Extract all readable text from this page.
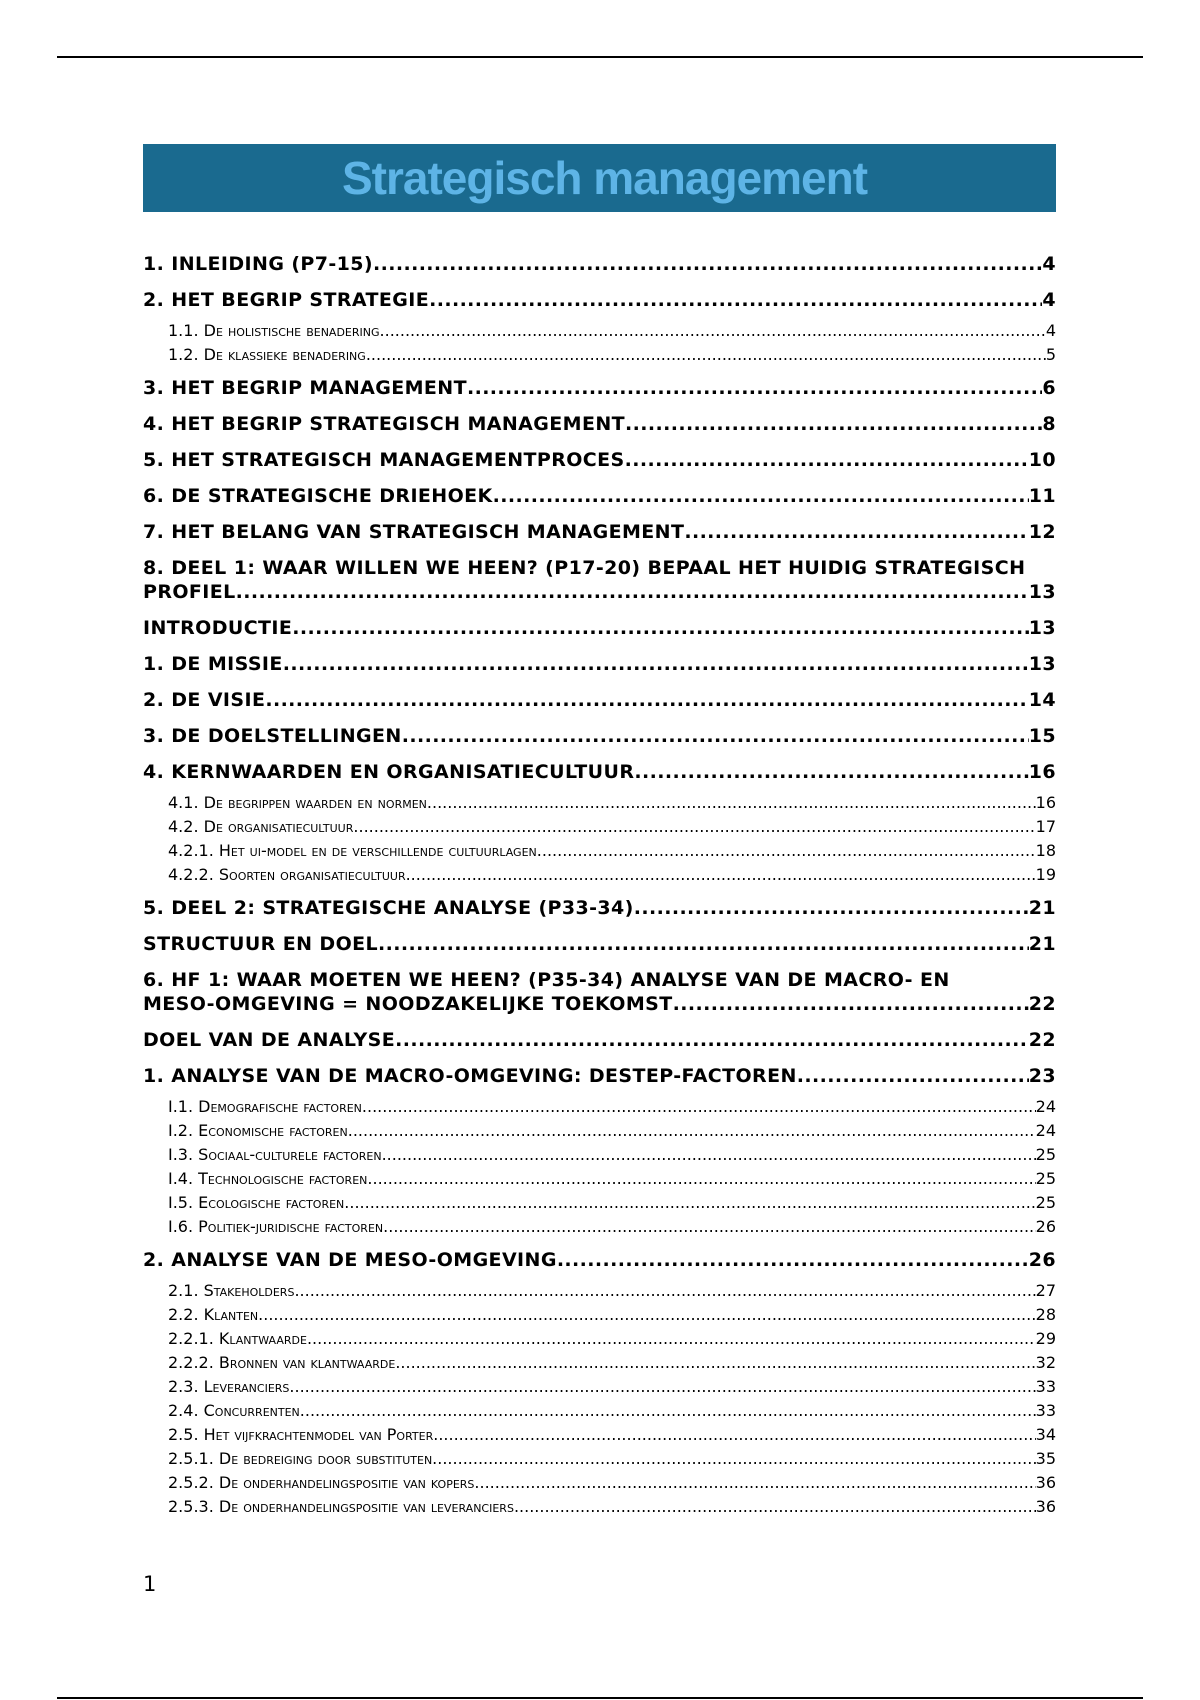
Strategisch management
1. INLEIDING (P7-15) .....	4
2. HET BEGRIP STRATEGIE .....	4
1.1. De holistische benadering .....	4
1.2. De klassieke benadering .....	5
3. HET BEGRIP MANAGEMENT .....	6
4. HET BEGRIP STRATEGISCH MANAGEMENT .....	8
5. HET STRATEGISCH MANAGEMENTPROCES .....	10
6. DE STRATEGISCHE DRIEHOEK .....	11
7. HET BELANG VAN STRATEGISCH MANAGEMENT .....	12
8. DEEL 1: WAAR WILLEN WE HEEN? (P17-20) BEPAAL HET HUIDIG STRATEGISCH
PROFIEL .....	13
INTRODUCTIE .....	13
1. DE MISSIE .....	13
2. DE VISIE .....	14
3. DE DOELSTELLINGEN .....	15
4. KERNWAARDEN EN ORGANISATIECULTUUR .....	16
4.1. De begrippen waarden en normen .....	16
4.2. De organisatiecultuur .....	17
4.2.1. Het ui-model en de verschillende cultuurlagen .....	18
4.2.2. Soorten organisatiecultuur .....	19
5. DEEL 2: STRATEGISCHE ANALYSE (P33-34) .....	21
STRUCTUUR EN DOEL .....	21
6. HF 1: WAAR MOETEN WE HEEN? (P35-34) ANALYSE VAN DE MACRO- EN
MESO-OMGEVING = NOODZAKELIJKE TOEKOMST .....	22
DOEL VAN DE ANALYSE .....	22
1. ANALYSE VAN DE MACRO-OMGEVING: DESTEP-FACTOREN .....	23
I.1. Demografische factoren .....	24
I.2. Economische factoren .....	24
I.3. Sociaal-culturele factoren .....	25
I.4. Technologische factoren .....	25
I.5. Ecologische factoren .....	25
I.6. Politiek-juridische factoren .....	26
2. ANALYSE VAN DE MESO-OMGEVING .....	26
2.1. Stakeholders .....	27
2.2. Klanten .....	28
2.2.1. Klantwaarde .....	29
2.2.2. Bronnen van klantwaarde .....	32
2.3. Leveranciers .....	33
2.4. Concurrenten .....	33
2.5. Het vijfkrachtenmodel van Porter .....	34
2.5.1. De bedreiging door substituten .....	35
2.5.2. De onderhandelingspositie van kopers .....	36
2.5.3. De onderhandelingspositie van leveranciers .....	36
1
